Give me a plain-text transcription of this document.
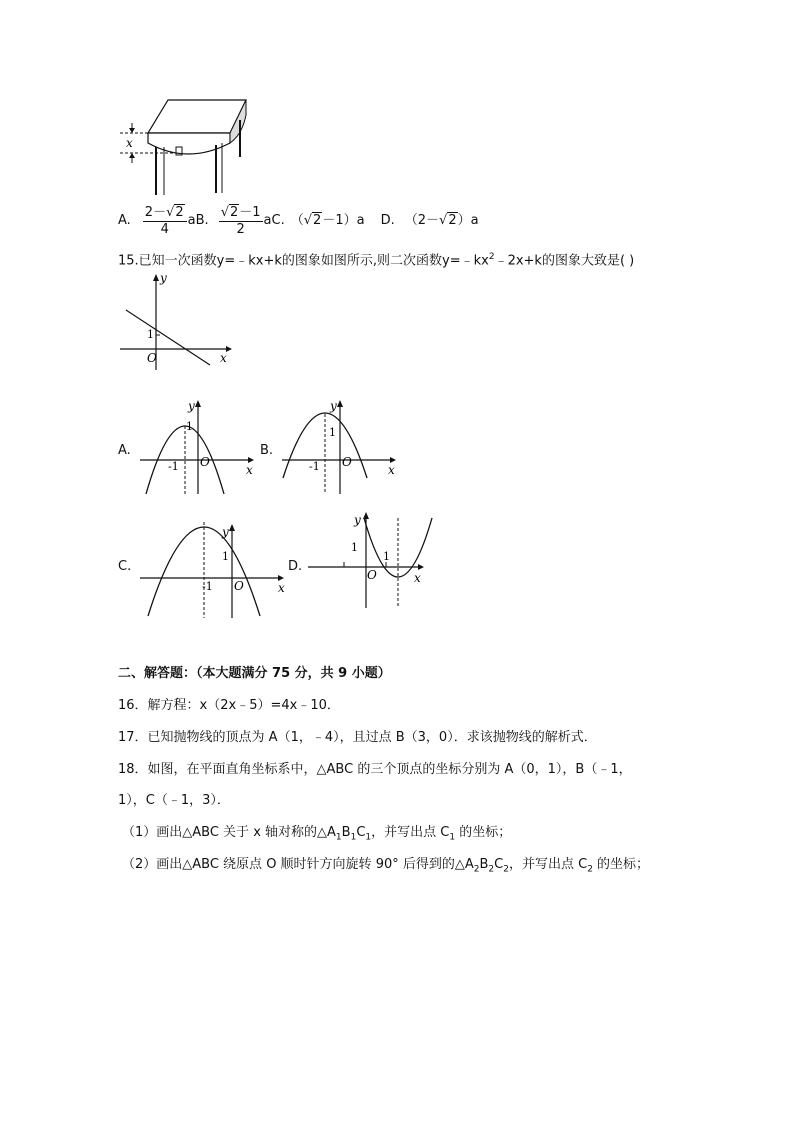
x
A. $\frac{2-√2}{4}$ a B. $\frac{√2-1}{2}$ a C. （√2－1）a D. （2－√2）a
15.已知一次函数y=﹣kx+k的图象如图所示,则二次函数$y=﹣kx^2﹣2x+k$的图象大致是( )
y
x
O
1
A.
y
x
O
1
-1
B.
y
x
O
1
-1
C.
y
x
O
1
-1
D.
y
x
O
1
1
二、解答题：（本大题满分 75 分，共 9 小题）
16．解方程：x（2x﹣5）=4x﹣10．
17．已知抛物线的顶点为 A（1，﹣4），且过点 B（3，0）．求该抛物线的解析式．
18．如图，在平面直角坐标系中，△ABC 的三个顶点的坐标分别为 A（0，1），B（﹣1，
1），C（﹣1，3）．
（1）画出△ABC 关于 x 轴对称的$\triangle A_1B_1C_1$，并写出点 $C_1$ 的坐标；
（2）画出△ABC 绕原点 O 顺时针方向旋转 90° 后得到的$\triangle A_2B_2C_2$，并写出点 $C_2$ 的坐标；
